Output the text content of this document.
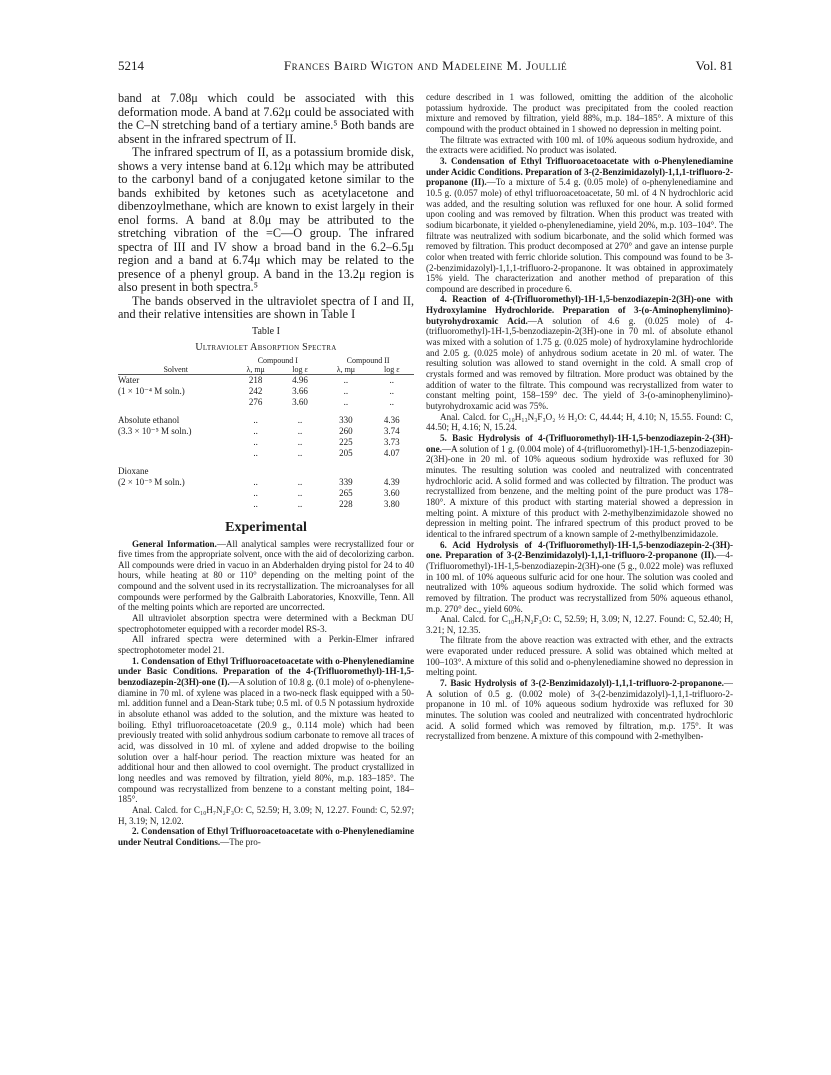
5214	Frances Baird Wigton and Madeleine M. Joullié	Vol. 81

band at 7.08μ which could be associated with this deformation mode. A band at 7.62μ could be associated with the C–N stretching band of a tertiary amine.⁵ Both bands are absent in the infrared spectrum of II.

The infrared spectrum of II, as a potassium bromide disk, shows a very intense band at 6.12μ which may be attributed to the carbonyl band of a conjugated ketone similar to the bands exhibited by ketones such as acetylacetone and dibenzoylmethane, which are known to exist largely in their enol forms. A band at 8.0μ may be attributed to the stretching vibration of the =C—O group. The infrared spectra of III and IV show a broad band in the 6.2–6.5μ region and a band at 6.74μ which may be related to the presence of a phenyl group. A band in the 13.2μ region is also present in both spectra.⁵

The bands observed in the ultraviolet spectra of I and II, and their relative intensities are shown in Table I

Table I
Ultraviolet Absorption Spectra
	Compound I		Compound II	
Solvent	λ, mμ	log ε	λ, mμ	log ε
Water	218	4.96	..	..
(1 × 10⁻⁴ M soln.)	242	3.66	..	..
	276	3.60	..	..
Absolute ethanol	..	..	330	4.36
(3.3 × 10⁻⁵ M soln.)	..	..	260	3.74
	..	..	225	3.73
	..	..	205	4.07
Dioxane				
(2 × 10⁻⁵ M soln.)	..	..	339	4.39
	..	..	265	3.60
	..	..	228	3.80
Experimental

General Information.—All analytical samples were recrystallized four or five times from the appropriate solvent, once with the aid of decolorizing carbon. All compounds were dried in vacuo in an Abderhalden drying pistol for 24 to 40 hours, while heating at 80 or 110° depending on the melting point of the compound and the solvent used in its recrystallization. The microanalyses for all compounds were performed by the Galbraith Laboratories, Knoxville, Tenn. All of the melting points which are reported are uncorrected.

All ultraviolet absorption spectra were determined with a Beckman DU spectrophotometer equipped with a recorder model RS-3.

All infrared spectra were determined with a Perkin-Elmer infrared spectrophotometer model 21.

1. Condensation of Ethyl Trifluoroacetoacetate with o-Phenylenediamine under Basic Conditions. Preparation of the 4-(Trifluoromethyl)-1H-1,5-benzodiazepin-2(3H)-one (I).—A solution of 10.8 g. (0.1 mole) of o-phenylene-diamine in 70 ml. of xylene was placed in a two-neck flask equipped with a 50-ml. addition funnel and a Dean-Stark tube; 0.5 ml. of 0.5 N potassium hydroxide in absolute ethanol was added to the solution, and the mixture was heated to boiling. Ethyl trifluoroacetoacetate (20.9 g., 0.114 mole) which had been previously treated with solid anhydrous sodium carbonate to remove all traces of acid, was dissolved in 10 ml. of xylene and added dropwise to the boiling solution over a half-hour period. The reaction mixture was heated for an additional hour and then allowed to cool overnight. The product crystallized in long needles and was removed by filtration, yield 80%, m.p. 183–185°. The compound was recrystallized from benzene to a constant melting point, 184–185°.

Anal. Calcd. for C₁₀H₇N₂F₃O: C, 52.59; H, 3.09; N, 12.27. Found: C, 52.97; H, 3.19; N, 12.02.

2. Condensation of Ethyl Trifluoroacetoacetate with o-Phenylenediamine under Neutral Conditions.—The pro-

cedure described in 1 was followed, omitting the addition of the alcoholic potassium hydroxide. The product was precipitated from the cooled reaction mixture and removed by filtration, yield 88%, m.p. 184–185°. A mixture of this compound with the product obtained in 1 showed no depression in melting point.

The filtrate was extracted with 100 ml. of 10% aqueous sodium hydroxide, and the extracts were acidified. No product was isolated.

3. Condensation of Ethyl Trifluoroacetoacetate with o-Phenylenediamine under Acidic Conditions. Preparation of 3-(2-Benzimidazolyl)-1,1,1-trifluoro-2-propanone (II).—To a mixture of 5.4 g. (0.05 mole) of o-phenylenediamine and 10.5 g. (0.057 mole) of ethyl trifluoroacetoacetate, 50 ml. of 4 N hydrochloric acid was added, and the resulting solution was refluxed for one hour. A solid formed upon cooling and was removed by filtration. When this product was treated with sodium bicarbonate, it yielded o-phenylenediamine, yield 20%, m.p. 103–104°. The filtrate was neutralized with sodium bicarbonate, and the solid which formed was removed by filtration. This product decomposed at 270° and gave an intense purple color when treated with ferric chloride solution. This compound was found to be 3-(2-benzimidazolyl)-1,1,1-trifluoro-2-propanone. It was obtained in approximately 15% yield. The characterization and another method of preparation of this compound are described in procedure 6.

4. Reaction of 4-(Trifluoromethyl)-1H-1,5-benzodiazepin-2(3H)-one with Hydroxylamine Hydrochloride. Preparation of 3-(o-Aminophenylimino)-butyrohydroxamic Acid.—A solution of 4.6 g. (0.025 mole) of 4-(trifluoromethyl)-1H-1,5-benzodiazepin-2(3H)-one in 70 ml. of absolute ethanol was mixed with a solution of 1.75 g. (0.025 mole) of hydroxylamine hydrochloride and 2.05 g. (0.025 mole) of anhydrous sodium acetate in 20 ml. of water. The resulting solution was allowed to stand overnight in the cold. A small crop of crystals formed and was removed by filtration. More product was obtained by the addition of water to the filtrate. This compound was recrystallized from water to constant melting point, 158–159° dec. The yield of 3-(o-aminophenylimino)-butyrohydroxamic acid was 75%.

Anal. Calcd. for C₁₀H₁₃N₃F₃O₂ ½ H₂O: C, 44.44; H, 4.10; N, 15.55. Found: C, 44.50; H, 4.16; N, 15.24.

5. Basic Hydrolysis of 4-(Trifluoromethyl)-1H-1,5-benzodiazepin-2-(3H)-one.—A solution of 1 g. (0.004 mole) of 4-(trifluoromethyl)-1H-1,5-benzodiazepin-2(3H)-one in 20 ml. of 10% aqueous sodium hydroxide was refluxed for 30 minutes. The resulting solution was cooled and neutralized with concentrated hydrochloric acid. A solid formed and was collected by filtration. The product was recrystallized from benzene, and the melting point of the pure product was 178–180°. A mixture of this product with starting material showed a depression in melting point. A mixture of this product with 2-methylbenzimidazole showed no depression in melting point. The infrared spectrum of this product proved to be identical to the infrared spectrum of a known sample of 2-methylbenzimidazole.

6. Acid Hydrolysis of 4-(Trifluoromethyl)-1H-1,5-benzodiazepin-2-(3H)-one. Preparation of 3-(2-Benzimidazolyl)-1,1,1-trifluoro-2-propanone (II).—4-(Trifluoromethyl)-1H-1,5-benzodiazepin-2(3H)-one (5 g., 0.022 mole) was refluxed in 100 ml. of 10% aqueous sulfuric acid for one hour. The solution was cooled and neutralized with 10% aqueous sodium hydroxide. The solid which formed was removed by filtration. The product was recrystallized from 50% aqueous ethanol, m.p. 270° dec., yield 60%.

Anal. Calcd. for C₁₀H₇N₂F₃O: C, 52.59; H, 3.09; N, 12.27. Found: C, 52.40; H, 3.21; N, 12.35.

The filtrate from the above reaction was extracted with ether, and the extracts were evaporated under reduced pressure. A solid was obtained which melted at 100–103°. A mixture of this solid and o-phenylenediamine showed no depression in melting point.

7. Basic Hydrolysis of 3-(2-Benzimidazolyl)-1,1,1-trifluoro-2-propanone.—A solution of 0.5 g. (0.002 mole) of 3-(2-benzimidazolyl)-1,1,1-trifluoro-2-propanone in 10 ml. of 10% aqueous sodium hydroxide was refluxed for 30 minutes. The solution was cooled and neutralized with concentrated hydrochloric acid. A solid formed which was removed by filtration, m.p. 175°. It was recrystallized from benzene. A mixture of this compound with 2-methylben-
